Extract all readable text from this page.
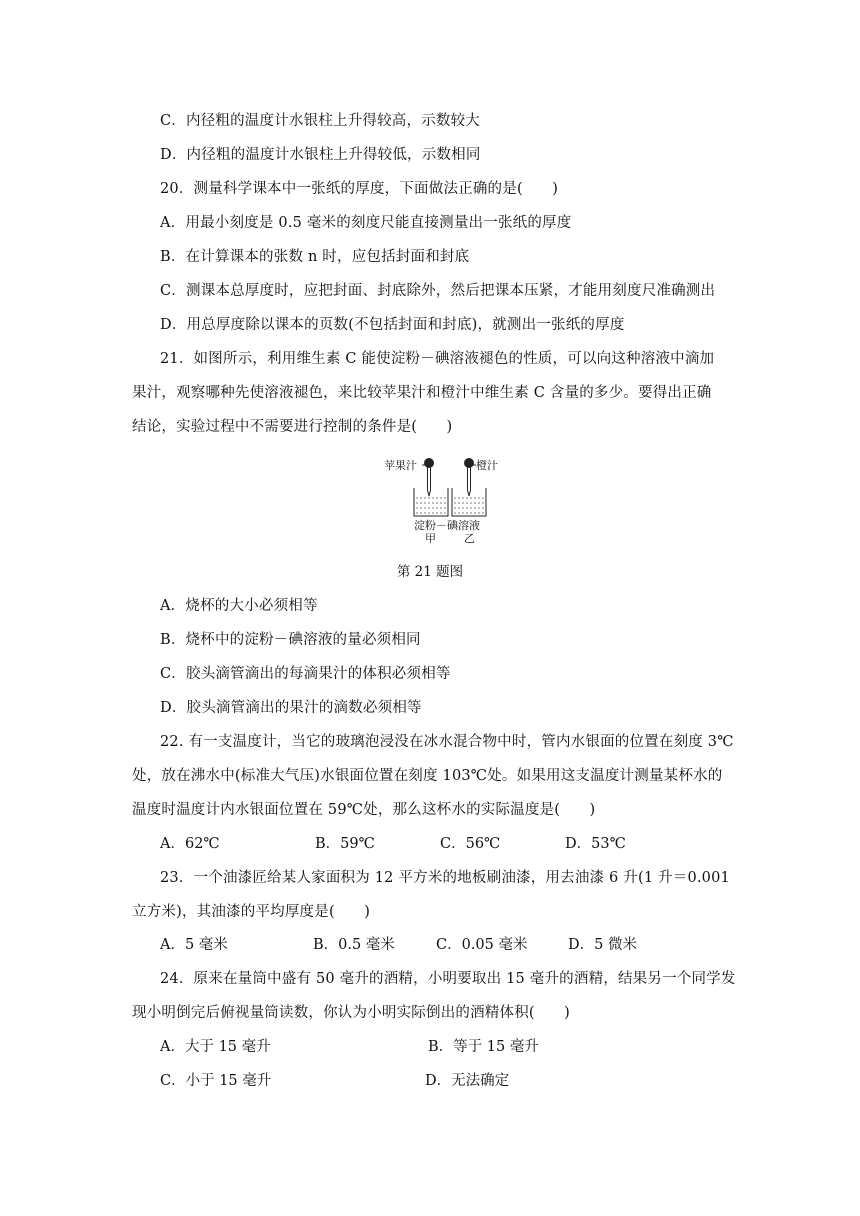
C．内径粗的温度计水银柱上升得较高，示数较大
D．内径粗的温度计水银柱上升得较低，示数相同
20．测量科学课本中一张纸的厚度，下面做法正确的是(　　)
A．用最小刻度是 0.5 毫米的刻度尺能直接测量出一张纸的厚度
B．在计算课本的张数 n 时，应包括封面和封底
C．测课本总厚度时，应把封面、封底除外，然后把课本压紧，才能用刻度尺准确测出
D．用总厚度除以课本的页数(不包括封面和封底)，就测出一张纸的厚度
21．如图所示，利用维生素 C 能使淀粉－碘溶液褪色的性质，可以向这种溶液中滴加
果汁，观察哪种先使溶液褪色，来比较苹果汁和橙汁中维生素 C 含量的多少。要得出正确
结论，实验过程中不需要进行控制的条件是(　　)
苹果汁	橙汁
淀粉－碘溶液
甲	乙
第 21 题图
A．烧杯的大小必须相等
B．烧杯中的淀粉－碘溶液的量必须相同
C．胶头滴管滴出的每滴果汁的体积必须相等
D．胶头滴管滴出的果汁的滴数必须相等
22. 有一支温度计，当它的玻璃泡浸没在冰水混合物中时，管内水银面的位置在刻度 3℃
处，放在沸水中(标准大气压)水银面位置在刻度 103℃处。如果用这支温度计测量某杯水的
温度时温度计内水银面位置在 59℃处，那么这杯水的实际温度是(　　)
A．62℃	B．59℃	C．56℃	D．53℃
23．一个油漆匠给某人家面积为 12 平方米的地板刷油漆，用去油漆 6 升(1 升＝0.001
立方米)，其油漆的平均厚度是(　　)
A．5 毫米	B．0.5 毫米	C．0.05 毫米	D．5 微米
24．原来在量筒中盛有 50 毫升的酒精，小明要取出 15 毫升的酒精，结果另一个同学发
现小明倒完后俯视量筒读数，你认为小明实际倒出的酒精体积(　　)
A．大于 15 毫升	B．等于 15 毫升
C．小于 15 毫升	D．无法确定
